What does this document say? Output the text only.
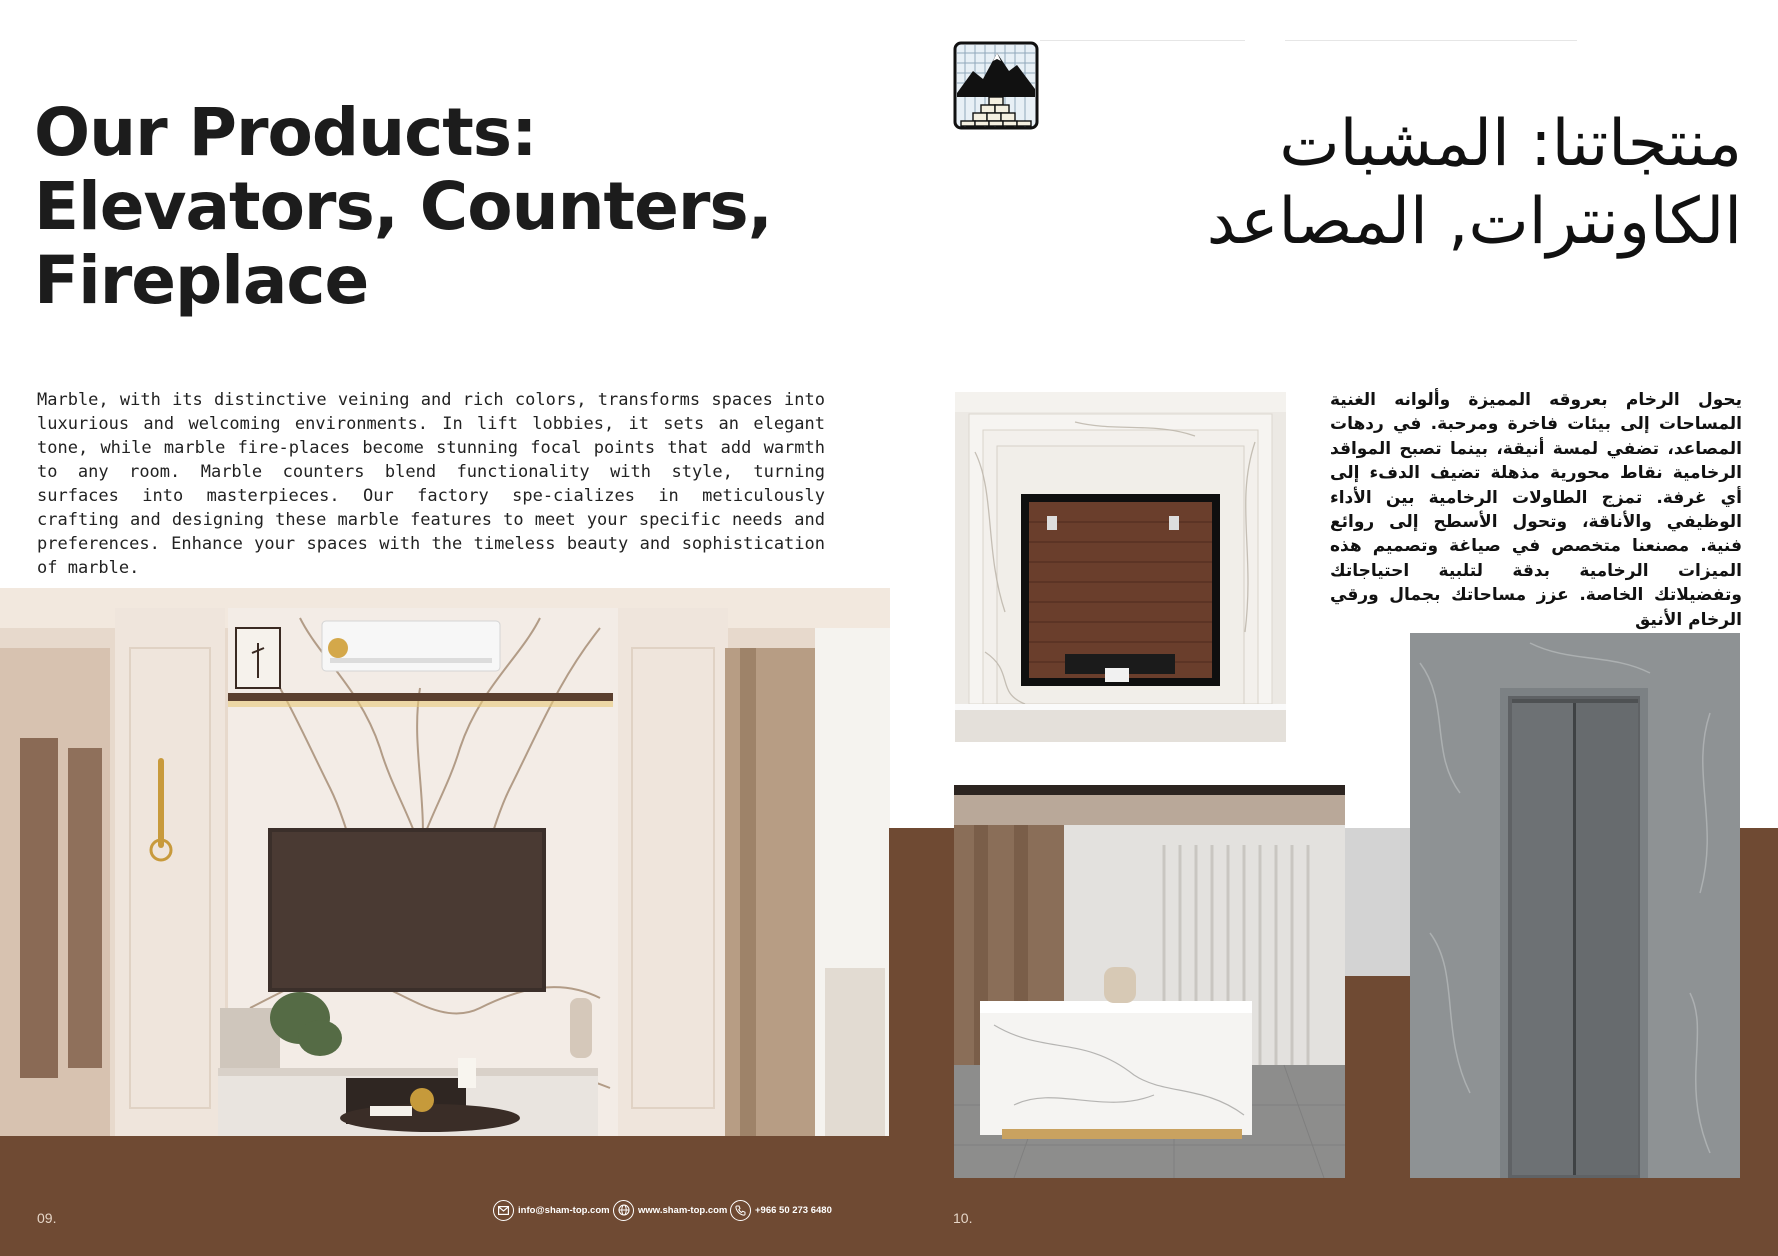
Our Products:
Elevators, Counters,
Fireplace
Marble, with its distinctive veining and rich colors, transforms spaces into luxurious and welcoming environments. In lift lobbies, it sets an elegant tone, while marble fire-places become stunning focal points that add warmth to any room. Marble counters blend functionality with style, turning surfaces into masterpieces. Our factory spe-cializes in meticulously crafting and designing these marble features to meet your specific needs and preferences. Enhance your spaces with the timeless beauty and sophistication of marble.
09.	info@sham-top.com	www.sham-top.com	+966 50 273 6480
منتجاتنا: المشبات
الكاونترات, المصاعد
يحول الرخام بعروقه المميزة وألوانه الغنية المساحات إلى بيئات فاخرة ومرحبة. في ردهات المصاعد، تضفي لمسة أنيقة، بينما تصبح المواقد الرخامية نقاط محورية مذهلة تضيف الدفء إلى أي غرفة. تمزج الطاولات الرخامية بين الأداء الوظيفي والأناقة، وتحول الأسطح إلى روائع فنية. مصنعنا متخصص في صياغة وتصميم هذه الميزات الرخامية بدقة لتلبية احتياجاتك وتفضيلاتك الخاصة. عزز مساحاتك بجمال ورقي الرخام الأنيق
10.
